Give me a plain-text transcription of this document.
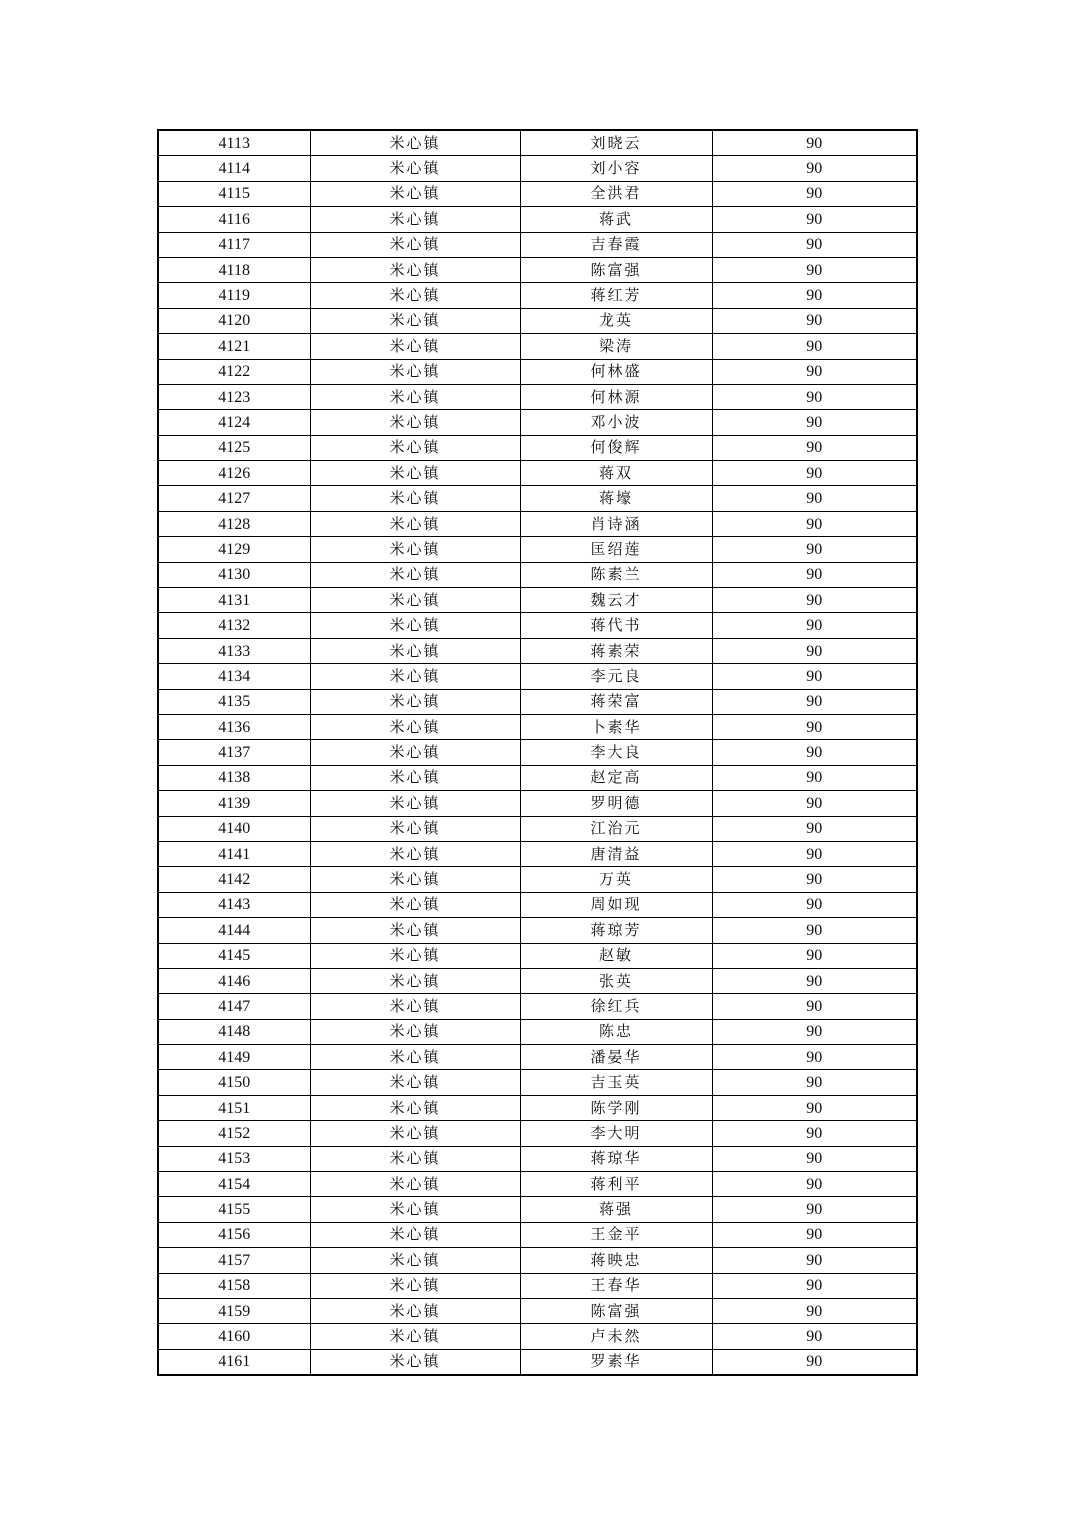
4113	米心镇	刘晓云	90
4114	米心镇	刘小容	90
4115	米心镇	全洪君	90
4116	米心镇	蒋武	90
4117	米心镇	吉春霞	90
4118	米心镇	陈富强	90
4119	米心镇	蒋红芳	90
4120	米心镇	龙英	90
4121	米心镇	梁涛	90
4122	米心镇	何林盛	90
4123	米心镇	何林源	90
4124	米心镇	邓小波	90
4125	米心镇	何俊辉	90
4126	米心镇	蒋双	90
4127	米心镇	蒋壕	90
4128	米心镇	肖诗涵	90
4129	米心镇	匡绍莲	90
4130	米心镇	陈素兰	90
4131	米心镇	魏云才	90
4132	米心镇	蒋代书	90
4133	米心镇	蒋素荣	90
4134	米心镇	李元良	90
4135	米心镇	蒋荣富	90
4136	米心镇	卜素华	90
4137	米心镇	李大良	90
4138	米心镇	赵定高	90
4139	米心镇	罗明德	90
4140	米心镇	江治元	90
4141	米心镇	唐清益	90
4142	米心镇	万英	90
4143	米心镇	周如现	90
4144	米心镇	蒋琼芳	90
4145	米心镇	赵敏	90
4146	米心镇	张英	90
4147	米心镇	徐红兵	90
4148	米心镇	陈忠	90
4149	米心镇	潘晏华	90
4150	米心镇	吉玉英	90
4151	米心镇	陈学刚	90
4152	米心镇	李大明	90
4153	米心镇	蒋琼华	90
4154	米心镇	蒋利平	90
4155	米心镇	蒋强	90
4156	米心镇	王金平	90
4157	米心镇	蒋映忠	90
4158	米心镇	王春华	90
4159	米心镇	陈富强	90
4160	米心镇	卢未然	90
4161	米心镇	罗素华	90
